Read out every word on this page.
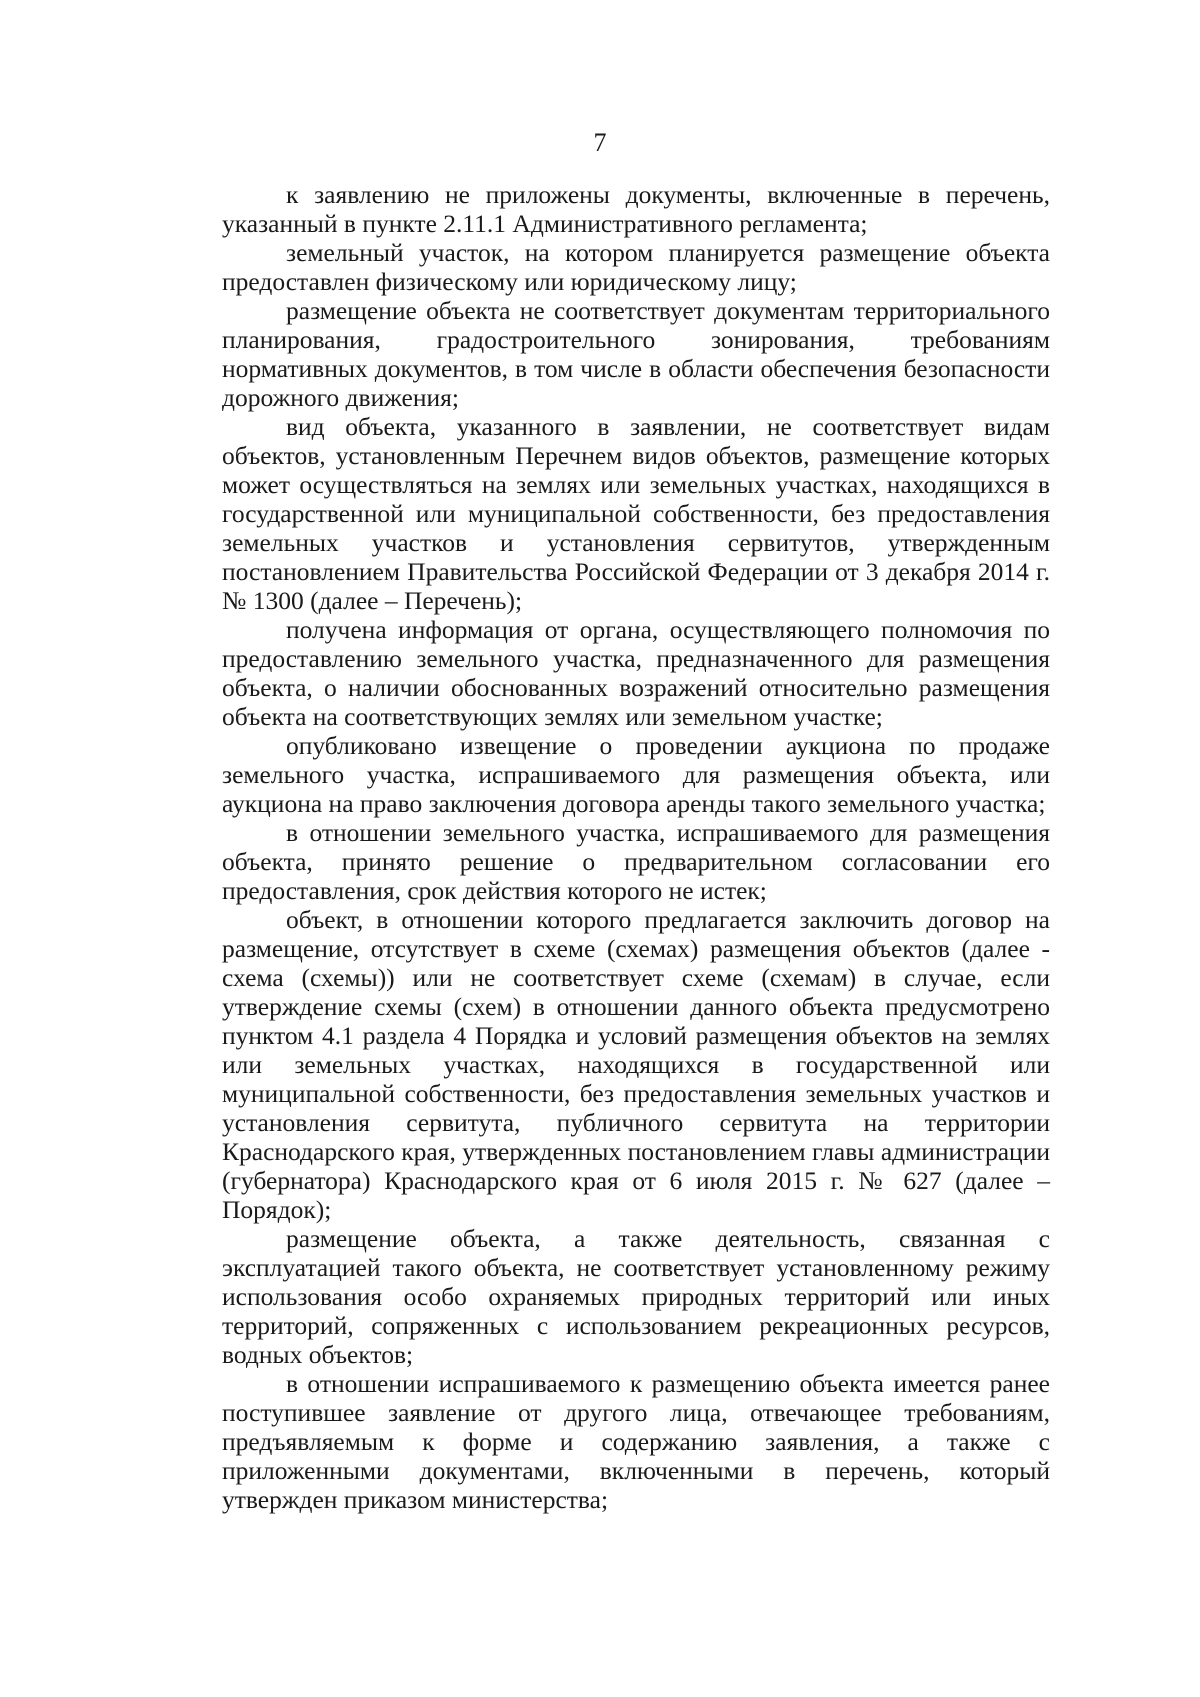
7

к заявлению не приложены документы, включенные в перечень, указанный в пункте 2.11.1 Административного регламента;

земельный участок, на котором планируется размещение объекта предоставлен физическому или юридическому лицу;

размещение объекта не соответствует документам территориального планирования, градостроительного зонирования, требованиям нормативных документов, в том числе в области обеспечения безопасности дорожного движения;

вид объекта, указанного в заявлении, не соответствует видам объектов, установленным Перечнем видов объектов, размещение которых может осуществляться на землях или земельных участках, находящихся в государственной или муниципальной собственности, без предоставления земельных участков и установления сервитутов, утвержденным постановлением Правительства Российской Федерации от 3 декабря 2014 г. № 1300 (далее – Перечень);

получена информация от органа, осуществляющего полномочия по предоставлению земельного участка, предназначенного для размещения объекта, о наличии обоснованных возражений относительно размещения объекта на соответствующих землях или земельном участке;

опубликовано извещение о проведении аукциона по продаже земельного участка, испрашиваемого для размещения объекта, или аукциона на право заключения договора аренды такого земельного участка;

в отношении земельного участка, испрашиваемого для размещения объекта, принято решение о предварительном согласовании его предоставления, срок действия которого не истек;

объект, в отношении которого предлагается заключить договор на размещение, отсутствует в схеме (схемах) размещения объектов (далее - схема (схемы)) или не соответствует схеме (схемам) в случае, если утверждение схемы (схем) в отношении данного объекта предусмотрено пунктом 4.1 раздела 4 Порядка и условий размещения объектов на землях или земельных участках, находящихся в государственной или муниципальной собственности, без предоставления земельных участков и установления сервитута, публичного сервитута на территории Краснодарского края, утвержденных постановлением главы администрации (губернатора) Краснодарского края от 6 июля 2015 г. № 627 (далее – Порядок);

размещение объекта, а также деятельность, связанная с эксплуатацией такого объекта, не соответствует установленному режиму использования особо охраняемых природных территорий или иных территорий, сопряженных с использованием рекреационных ресурсов, водных объектов;

в отношении испрашиваемого к размещению объекта имеется ранее поступившее заявление от другого лица, отвечающее требованиям, предъявляемым к форме и содержанию заявления, а также с приложенными документами, включенными в перечень, который утвержден приказом министерства;
